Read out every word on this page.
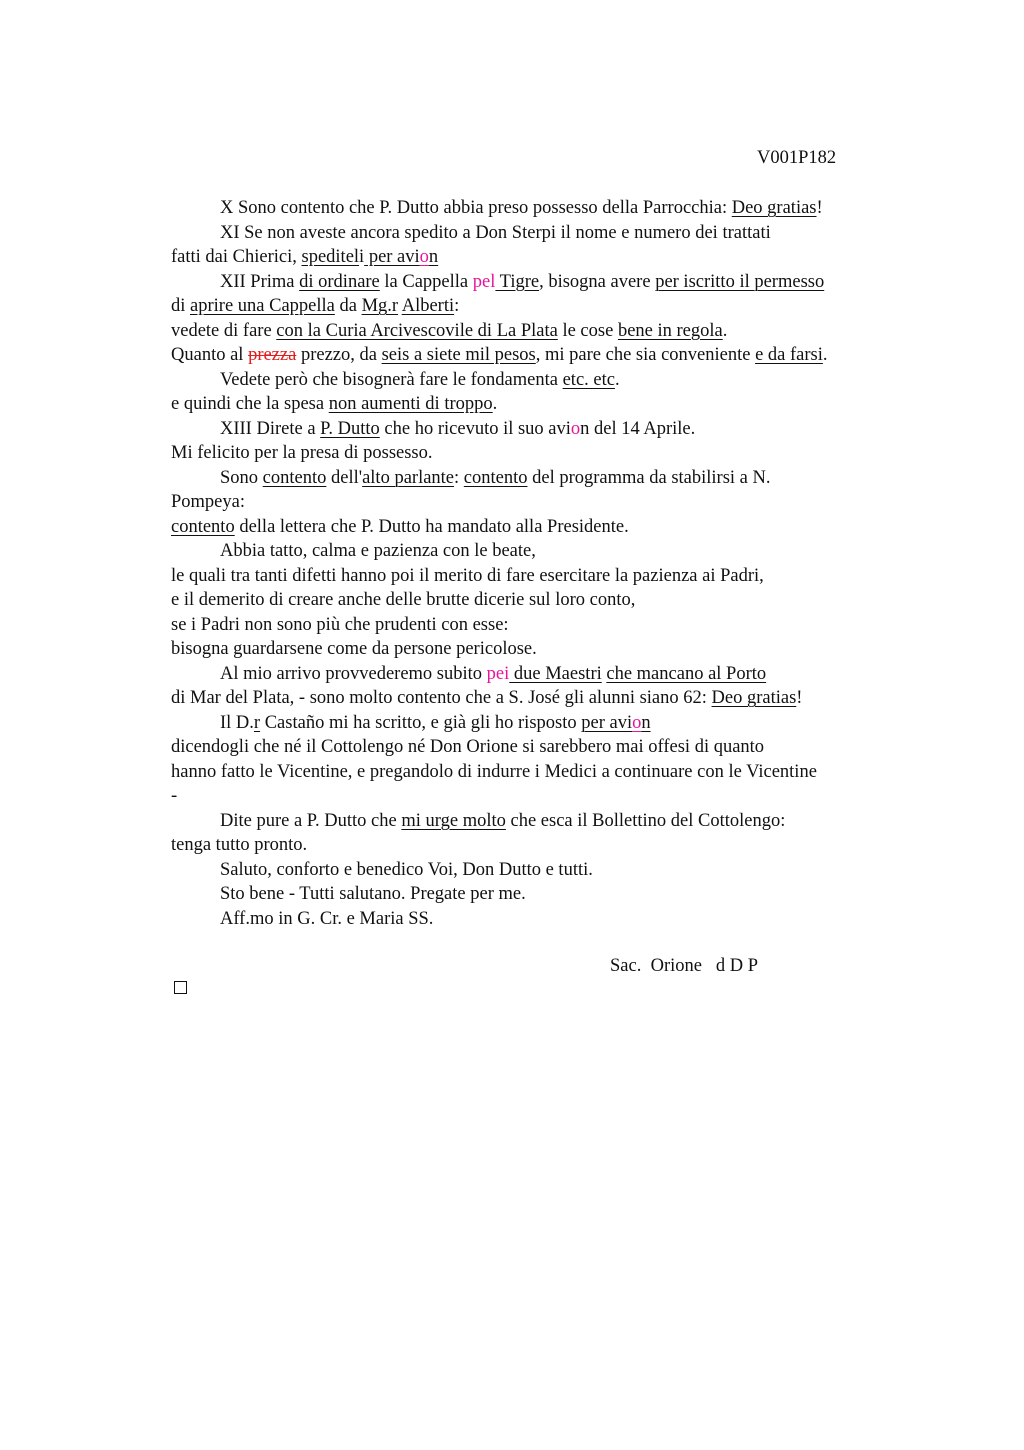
V001P182
X Sono contento che P. Dutto abbia preso possesso della Parrocchia: Deo gratias!
XI Se non aveste ancora spedito a Don Sterpi il nome e numero dei trattati
fatti dai Chierici, spediteli per avion
XII Prima di ordinare la Cappella pel Tigre, bisogna avere per iscritto il permesso
di aprire una Cappella da Mg.r Alberti:
vedete di fare con la Curia Arcivescovile di La Plata le cose bene in regola.
Quanto al prezza prezzo, da seis a siete mil pesos, mi pare che sia conveniente e da farsi.
Vedete però che bisognerà fare le fondamenta etc. etc.
e quindi che la spesa non aumenti di troppo.
XIII Direte a P. Dutto che ho ricevuto il suo avion del 14 Aprile.
Mi felicito per la presa di possesso.
Sono contento dell'alto parlante: contento del programma da stabilirsi a N.
Pompeya:
contento della lettera che P. Dutto ha mandato alla Presidente.
Abbia tatto, calma e pazienza con le beate,
le quali tra tanti difetti hanno poi il merito di fare esercitare la pazienza ai Padri,
e il demerito di creare anche delle brutte dicerie sul loro conto,
se i Padri non sono più che prudenti con esse:
bisogna guardarsene come da persone pericolose.
Al mio arrivo provvederemo subito pei due Maestri che mancano al Porto
di Mar del Plata, - sono molto contento che a S. José gli alunni siano 62: Deo gratias!
Il D.r Castaño mi ha scritto, e già gli ho risposto per avion
dicendogli che né il Cottolengo né Don Orione si sarebbero mai offesi di quanto
hanno fatto le Vicentine, e pregandolo di indurre i Medici a continuare con le Vicentine
-
Dite pure a P. Dutto che mi urge molto che esca il Bollettino del Cottolengo:
tenga tutto pronto.
Saluto, conforto e benedico Voi, Don Dutto e tutti.
Sto bene - Tutti salutano. Pregate per me.
Aff.mo in G. Cr. e Maria SS.
Sac.  Orione   d D P
